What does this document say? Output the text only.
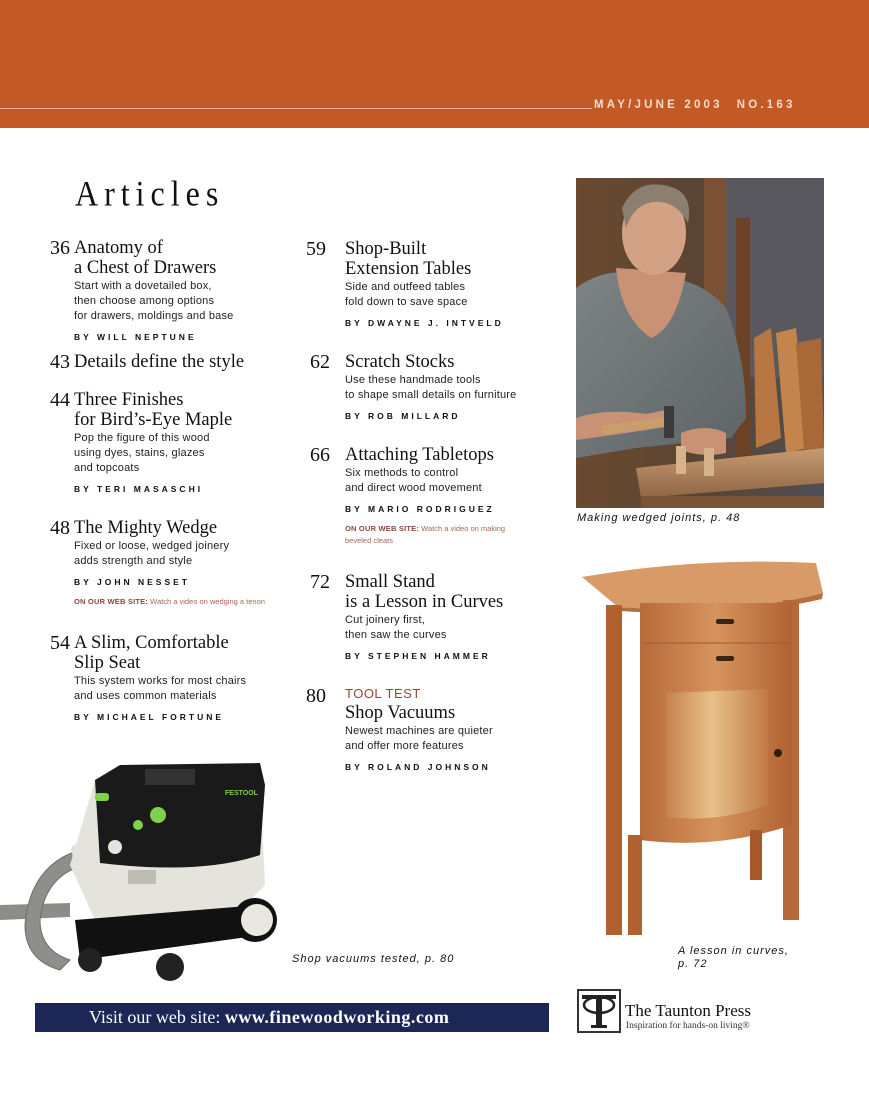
MAY/JUNE 2003 NO.163
Articles
36 Anatomy of
a Chest of Drawers
Start with a dovetailed box,
then choose among options
for drawers, moldings and base
BY WILL NEPTUNE
43 Details define the style
44 Three Finishes
for Bird’s-Eye Maple
Pop the figure of this wood
using dyes, stains, glazes
and topcoats
BY TERI MASASCHI
48 The Mighty Wedge
Fixed or loose, wedged joinery
adds strength and style
BY JOHN NESSET
ON OUR WEB SITE: Watch a video on wedging a tenon
54 A Slim, Comfortable
Slip Seat
This system works for most chairs
and uses common materials
BY MICHAEL FORTUNE
59 Shop-Built
Extension Tables
Side and outfeed tables
fold down to save space
BY DWAYNE J. INTVELD
62 Scratch Stocks
Use these handmade tools
to shape small details on furniture
BY ROB MILLARD
66 Attaching Tabletops
Six methods to control
and direct wood movement
BY MARIO RODRIGUEZ
ON OUR WEB SITE: Watch a video on making
beveled cleats
72 Small Stand
is a Lesson in Curves
Cut joinery first,
then saw the curves
BY STEPHEN HAMMER
80 TOOL TEST
Shop Vacuums
Newest machines are quieter
and offer more features
BY ROLAND JOHNSON
Making wedged joints, p. 48
A lesson in curves,
p. 72
FESTOOL
Shop vacuums tested, p. 80
Visit our web site: www.finewoodworking.com	The Taunton Press
Inspiration for hands-on living®
